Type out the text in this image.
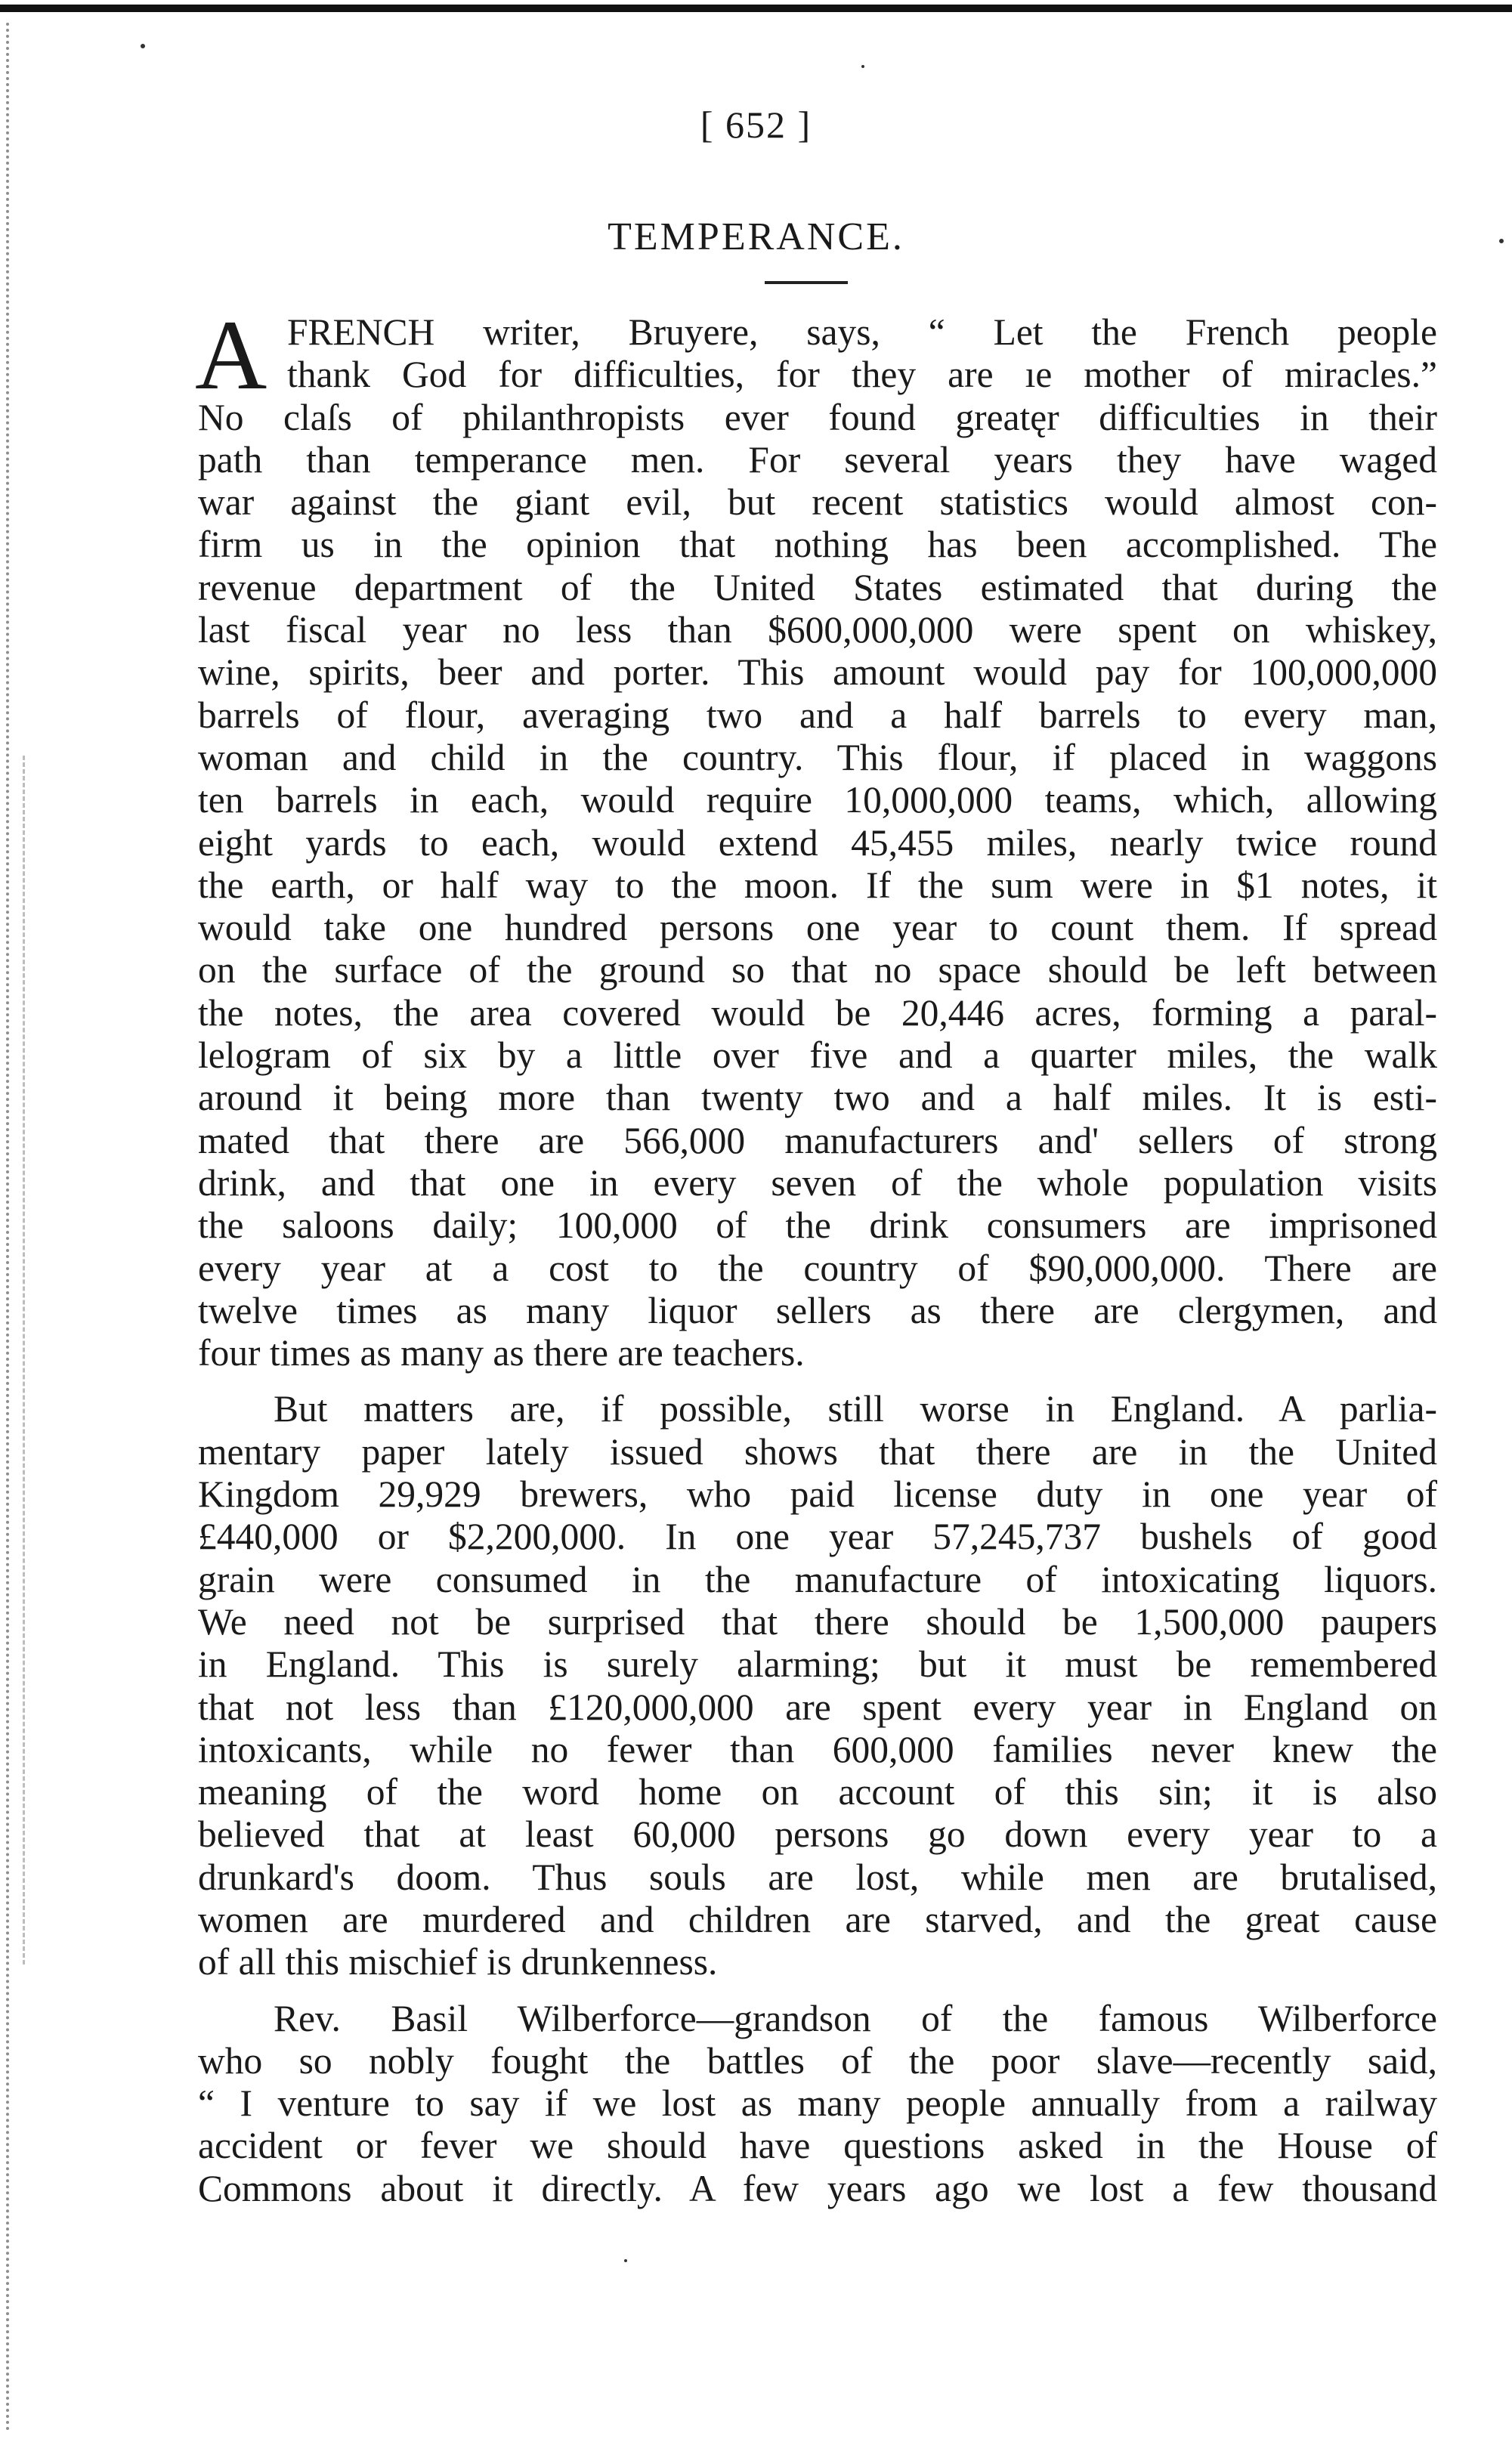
[ 652 ]
TEMPERANCE.
A FRENCH writer, Bruyere, says, “ Let the French people
thank God for difficulties, for they are ıe mother of miracles.”
No claſs of philanthropists ever found greatęr difficulties in their
path than temperance men. For several years they have waged
war against the giant evil, but recent statistics would almost con-
firm us in the opinion that nothing has been accomplished. The
revenue department of the United States estimated that during the
last fiscal year no less than $600,000,000 were spent on whiskey,
wine, spirits, beer and porter. This amount would pay for 100,000,000
barrels of flour, averaging two and a half barrels to every man,
woman and child in the country. This flour, if placed in waggons
ten barrels in each, would require 10,000,000 teams, which, allowing
eight yards to each, would extend 45,455 miles, nearly twice round
the earth, or half way to the moon. If the sum were in $1 notes, it
would take one hundred persons one year to count them. If spread
on the surface of the ground so that no space should be left between
the notes, the area covered would be 20,446 acres, forming a paral-
lelogram of six by a little over five and a quarter miles, the walk
around it being more than twenty two and a half miles. It is esti-
mated that there are 566,000 manufacturers and' sellers of strong
drink, and that one in every seven of the whole population visits
the saloons daily; 100,000 of the drink consumers are imprisoned
every year at a cost to the country of $90,000,000. There are
twelve times as many liquor sellers as there are clergymen, and
four times as many as there are teachers.
But matters are, if possible, still worse in England. A parlia-
mentary paper lately issued shows that there are in the United
Kingdom 29,929 brewers, who paid license duty in one year of
£440,000 or $2,200,000. In one year 57,245,737 bushels of good
grain were consumed in the manufacture of intoxicating liquors.
We need not be surprised that there should be 1,500,000 paupers
in England. This is surely alarming; but it must be remembered
that not less than £120,000,000 are spent every year in England on
intoxicants, while no fewer than 600,000 families never knew the
meaning of the word home on account of this sin; it is also
believed that at least 60,000 persons go down every year to a
drunkard's doom. Thus souls are lost, while men are brutalised,
women are murdered and children are starved, and the great cause
of all this mischief is drunkenness.
Rev. Basil Wilberforce—grandson of the famous Wilberforce
who so nobly fought the battles of the poor slave—recently said,
“ I venture to say if we lost as many people annually from a railway
accident or fever we should have questions asked in the House of
Commons about it directly. A few years ago we lost a few thousand
